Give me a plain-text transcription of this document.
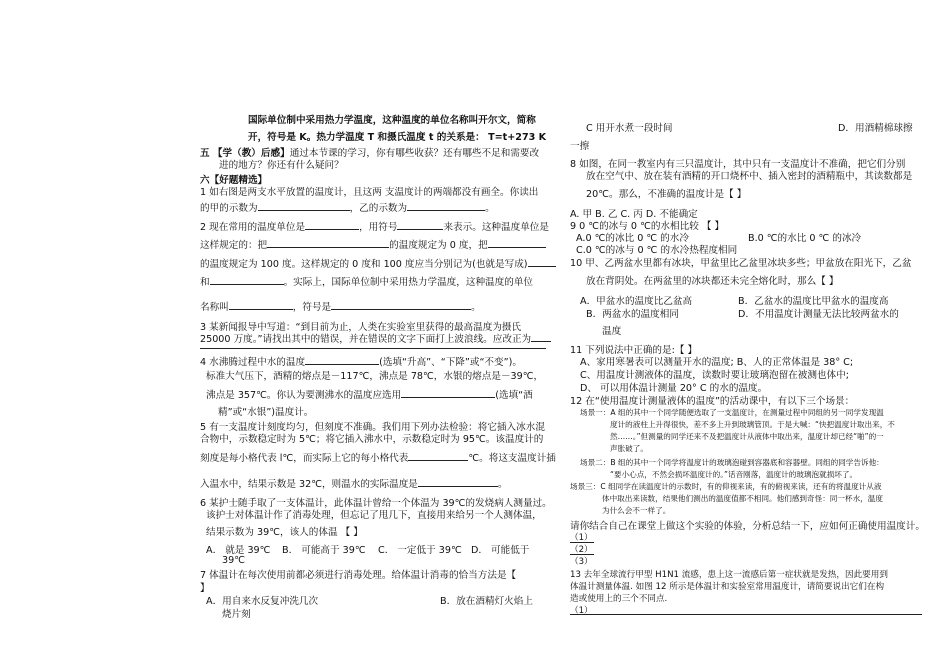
国际单位制中采用热力学温度，这种温度的单位名称叫开尔文，简称
开，符号是 K。热力学温度 T 和摄氏温度 t 的关系是： T=t+273 K
五 【学（教）后感】通过本节课的学习，你有哪些收获？还有哪些不足和需要改
进的地方？你还有什么疑问？
六【好题精选】
1 如右图是两支水平放置的温度计，且这两 支温度计的两端都没有画全。你读出
的甲的示数为	，乙的示数为	。
2 现在常用的温度单位是	，用符号	来表示。这种温度单位是
这样规定的：把	的温度规定为 0 度，把
的温度规定为 100 度。这样规定的 0 度和 100 度应当分别记为(也就是写成)
和	。实际上，国际单位制中采用热力学温度，这种温度的单位
名称叫	，符号是	。
3 某新闻报导中写道：“到目前为止，人类在实验室里获得的最高温度为摄氏
25000 万度。”请找出其中的错误，并在错误的文字下面打上波浪线。应改正为
4 水沸腾过程中水的温度	(选填“升高”、“下降”或“不变”)。
标准大气压下，酒精的熔点是－117℃，沸点是 78℃，水银的熔点是－39℃，
沸点是 357℃。你认为要测沸水的温度应选用	(选填“酒
精”或“水银”)温度计。
5 有一支温度计刻度均匀，但刻度不准确。我们用下列办法检验：将它插入冰水混
合物中，示数稳定时为 5℃；将它插入沸水中，示数稳定时为 95℃。该温度计的
刻度是每小格代表 l℃，而实际上它的每小格代表	℃。将这支温度计插
入温水中，结果示数是 32℃，则温水的实际温度是	。
6 某护士随手取了一支体温计，此体温计曾给一个体温为 39℃的发烧病人测量过。
该护士对体温计作了消毒处理，但忘记了甩几下，直接用来给另一个人测体温，
结果示数为 39℃，该人的体温 【 】
A． 就是 39℃ B． 可能高于 39℃ C． 一定低于 39℃ D． 可能低于
39℃
7 体温计在每次使用前都必须进行消毒处理。给体温计消毒的恰当方法是【
】
A．用自来水反复冲洗几次	B．放在酒精灯火焰上
烧片刻
C 用开水煮一段时间	D．用酒精棉球擦
一擦
8 如图，在同一教室内有三只温度计，其中只有一支温度计不准确，把它们分别
放在空气中、放在装有酒精的开口烧杯中、插入密封的酒精瓶中，其读数都是
20℃。那么，不准确的温度计是【 】
A. 甲 B. 乙 C. 丙 D. 不能确定
9 0 ℃的冰与 0 ℃的水相比较 【 】
A.0 ℃的冰比 0 ℃ 的水冷	B.0 ℃的水比 0 ℃ 的冰冷
C.0 ℃的冰与 0 ℃ 的水冷热程度相同
10 甲、乙两盆水里都有冰块，甲盆里比乙盆里冰块多些；甲盆放在阳光下，乙盆
放在背阴处。在两盆里的冰块都还未完全熔化时，那么【 】
A．甲盆水的温度比乙盆高	B．乙盆水的温度比甲盆水的温度高
B．两盆水的温度相同	D．不用温度计测量无法比较两盆水的
温度
11 下列说法中正确的是:【 】
A、家用寒暑表可以测量开水的温度; B、人的正常体温是 38° C;
C、用温度计测液体的温度，读数时要让玻璃泡留在被测也体中;
D、 可以用体温计测量 20° C 的水的温度。
12 在“使用温度计测量液体的温度”的活动课中，有以下三个场景：
场景一：A 组的其中一个同学随便选取了一支温度计，在测量过程中同组的另一同学发现温
度计的液柱上升得很快，差不多上升到玻璃管顶。于是大喊：“快把温度计取出来，不
然……。”但测量的同学还来不及把温度计从液体中取出来，温度计却已经“啪”的一
声胀破了。
场景二：B 组的其中一个同学将温度计的玻璃泡碰到容器底和容器壁。同组的同学告诉他：
“要小心点，不然会损坏温度计的。”话音刚落，温度计的玻璃泡就损坏了。
场景三：C 组同学在读温度计的示数时，有的仰视来读，有的俯视来读，还有的将温度计从液
体中取出来读数，结果他们测出的温度值都不相同。他们感到奇怪：同一杯水，温度
为什么会不一样了。
请你结合自己在课堂上做这个实验的体验，分析总结一下，应如何正确使用温度计。
（1）
（2）
（3）
13 去年全球流行甲型 H1N1 流感，患上这一流感后第一症状就是发热，因此要用到
体温计测量体温. 如图 12 所示是体温计和实验室常用温度计，请简要说出它们在构
造或使用上的三个不同点.
（1）
